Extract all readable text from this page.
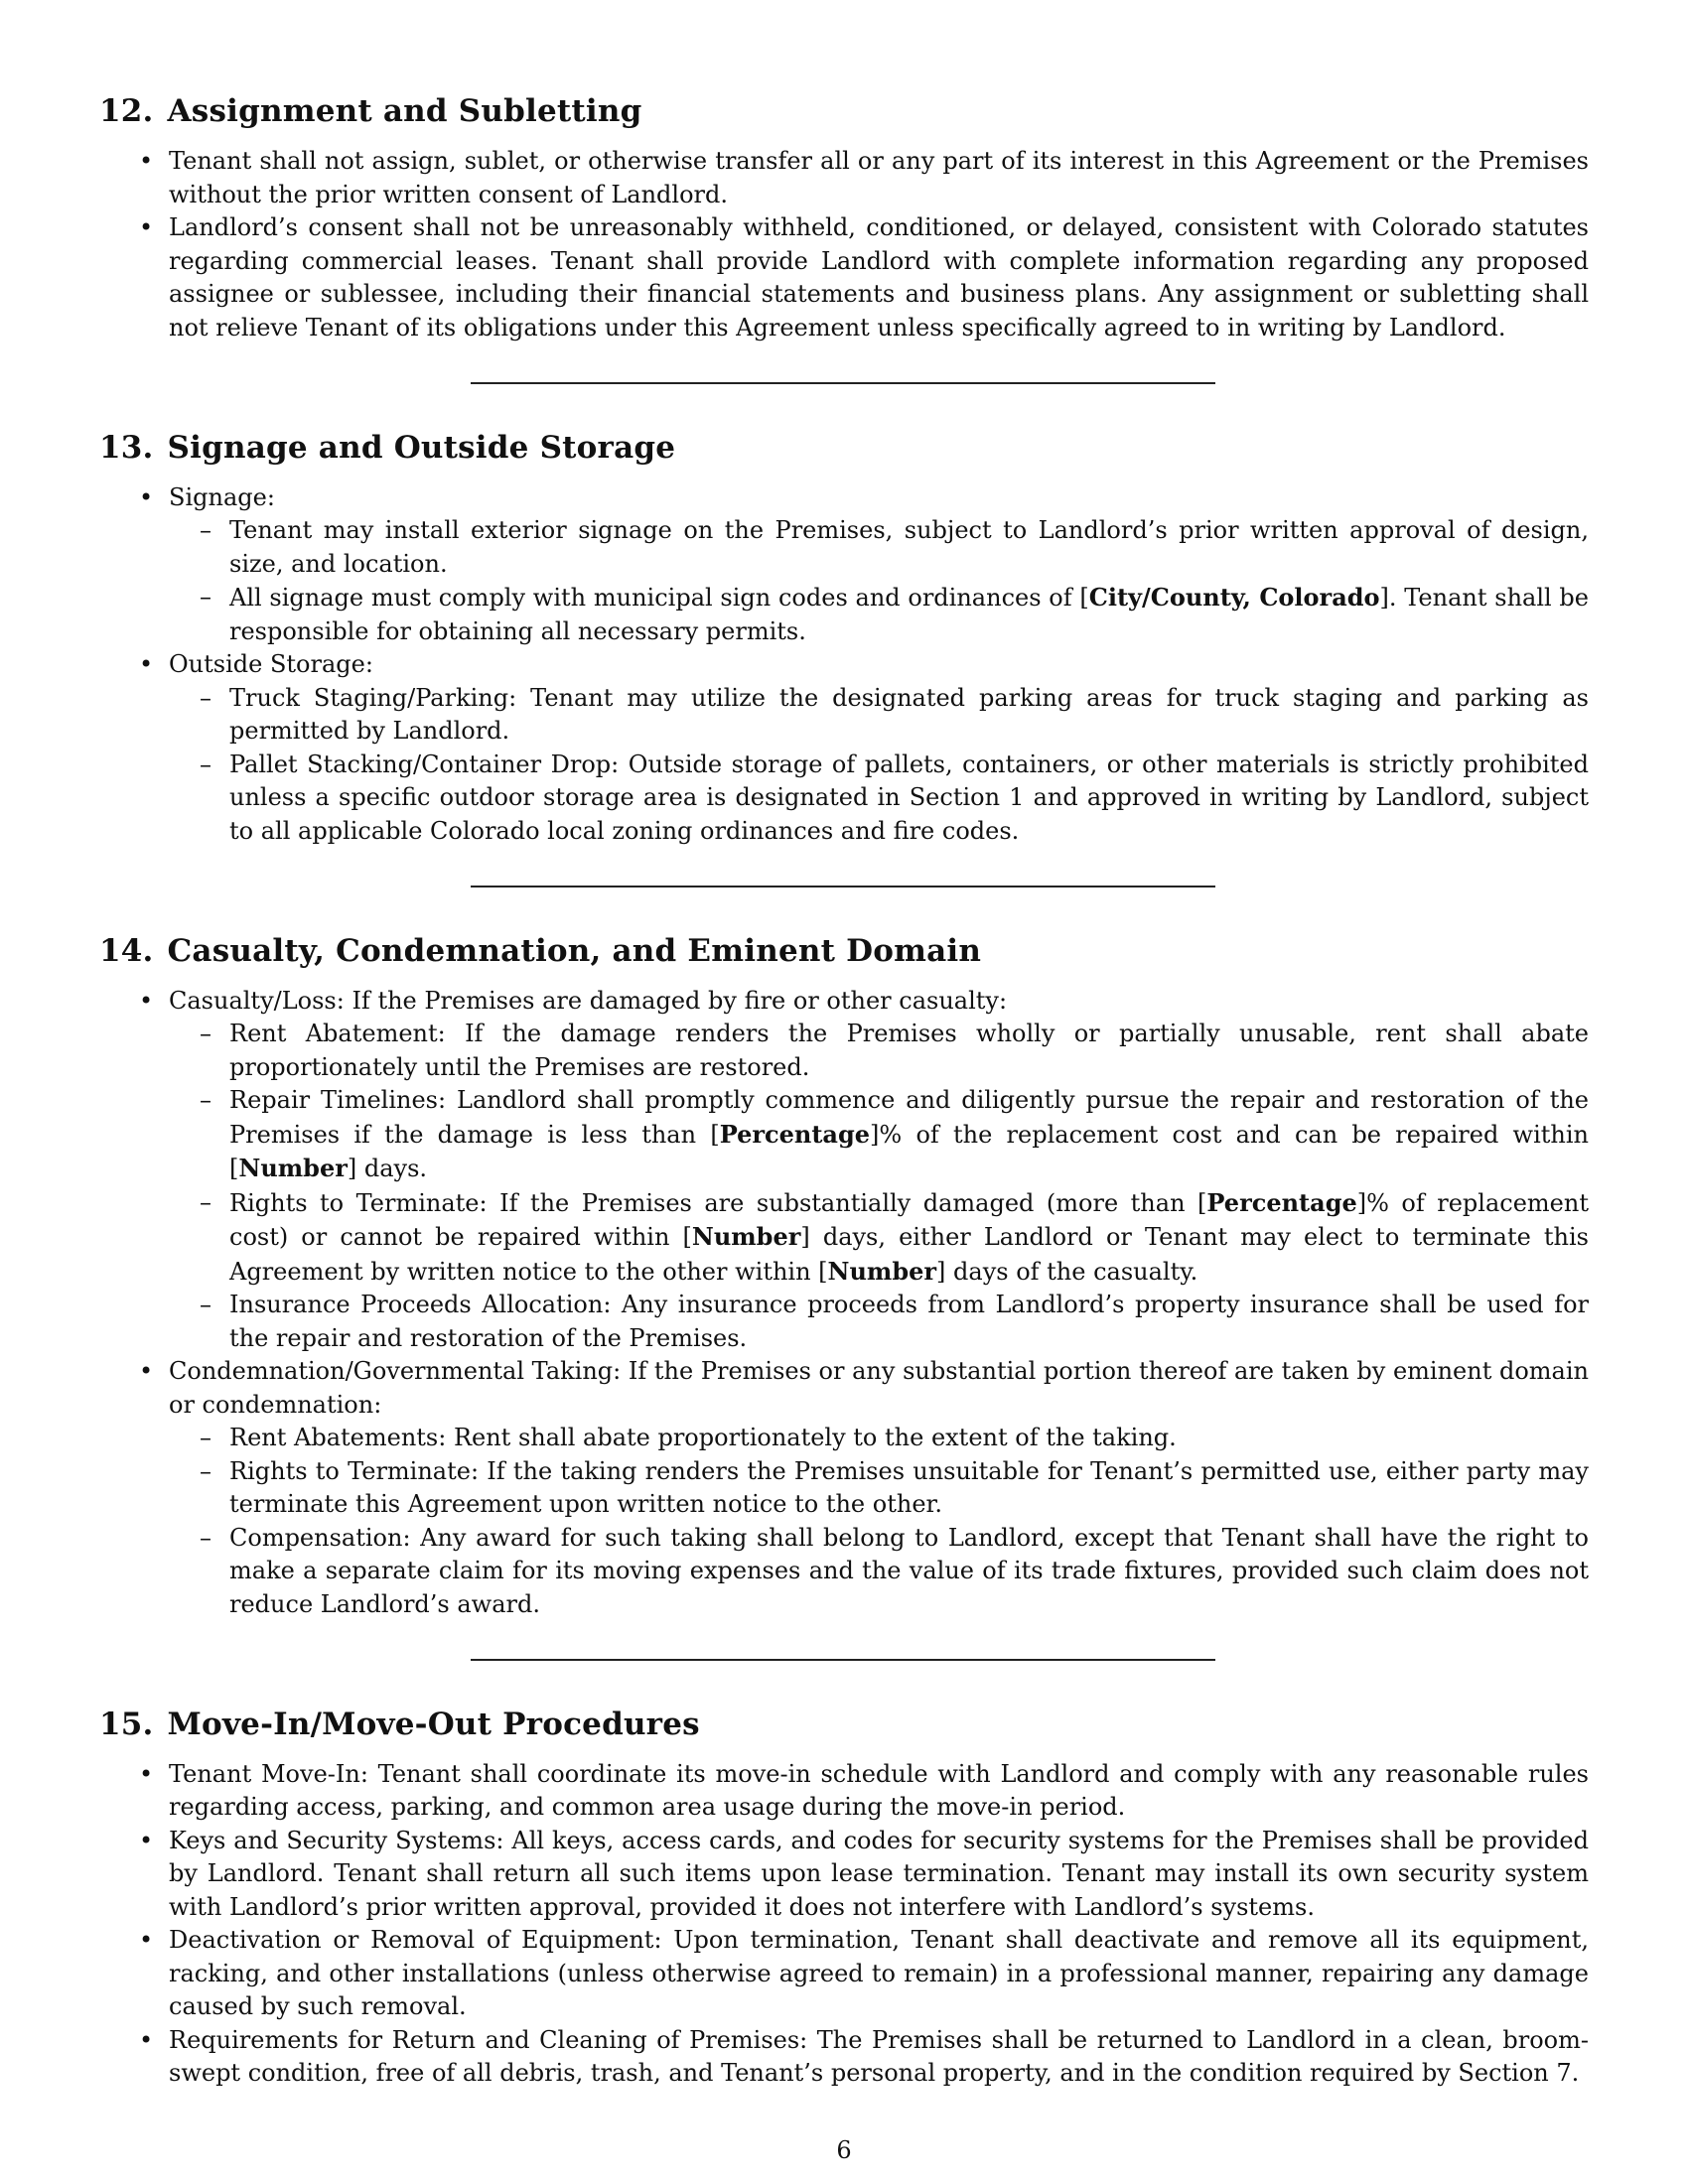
12. Assignment and Subletting
• Tenant shall not assign, sublet, or otherwise transfer all or any part of its interest in this Agreement or the Premises without the prior written consent of Landlord.
• Landlord’s consent shall not be unreasonably withheld, conditioned, or delayed, consistent with Colorado statutes regarding commercial leases. Tenant shall provide Landlord with complete information regarding any proposed assignee or sublessee, including their financial statements and business plans. Any assignment or subletting shall not relieve Tenant of its obligations under this Agreement unless specifically agreed to in writing by Landlord.
13. Signage and Outside Storage
• Signage:
– Tenant may install exterior signage on the Premises, subject to Landlord’s prior written approval of design, size, and location.
– All signage must comply with municipal sign codes and ordinances of [City/County, Colorado]. Tenant shall be responsible for obtaining all necessary permits.
• Outside Storage:
– Truck Staging/Parking: Tenant may utilize the designated parking areas for truck staging and parking as permitted by Landlord.
– Pallet Stacking/Container Drop: Outside storage of pallets, containers, or other materials is strictly prohibited unless a specific outdoor storage area is designated in Section 1 and approved in writing by Landlord, subject to all applicable Colorado local zoning ordinances and fire codes.
14. Casualty, Condemnation, and Eminent Domain
• Casualty/Loss: If the Premises are damaged by fire or other casualty:
– Rent Abatement: If the damage renders the Premises wholly or partially unusable, rent shall abate proportionately until the Premises are restored.
– Repair Timelines: Landlord shall promptly commence and diligently pursue the repair and restoration of the Premises if the damage is less than [Percentage]% of the replacement cost and can be repaired within [Number] days.
– Rights to Terminate: If the Premises are substantially damaged (more than [Percentage]% of replacement cost) or cannot be repaired within [Number] days, either Landlord or Tenant may elect to terminate this Agreement by written notice to the other within [Number] days of the casualty.
– Insurance Proceeds Allocation: Any insurance proceeds from Landlord’s property insurance shall be used for the repair and restoration of the Premises.
• Condemnation/Governmental Taking: If the Premises or any substantial portion thereof are taken by eminent domain or condemnation:
– Rent Abatements: Rent shall abate proportionately to the extent of the taking.
– Rights to Terminate: If the taking renders the Premises unsuitable for Tenant’s permitted use, either party may terminate this Agreement upon written notice to the other.
– Compensation: Any award for such taking shall belong to Landlord, except that Tenant shall have the right to make a separate claim for its moving expenses and the value of its trade fixtures, provided such claim does not reduce Landlord’s award.
15. Move-In/Move-Out Procedures
• Tenant Move-In: Tenant shall coordinate its move-in schedule with Landlord and comply with any reasonable rules regarding access, parking, and common area usage during the move-in period.
• Keys and Security Systems: All keys, access cards, and codes for security systems for the Premises shall be provided by Landlord. Tenant shall return all such items upon lease termination. Tenant may install its own security system with Landlord’s prior written approval, provided it does not interfere with Landlord’s systems.
• Deactivation or Removal of Equipment: Upon termination, Tenant shall deactivate and remove all its equipment, racking, and other installations (unless otherwise agreed to remain) in a professional manner, repairing any damage caused by such removal.
• Requirements for Return and Cleaning of Premises: The Premises shall be returned to Landlord in a clean, broom-swept condition, free of all debris, trash, and Tenant’s personal property, and in the condition required by Section 7.
6
